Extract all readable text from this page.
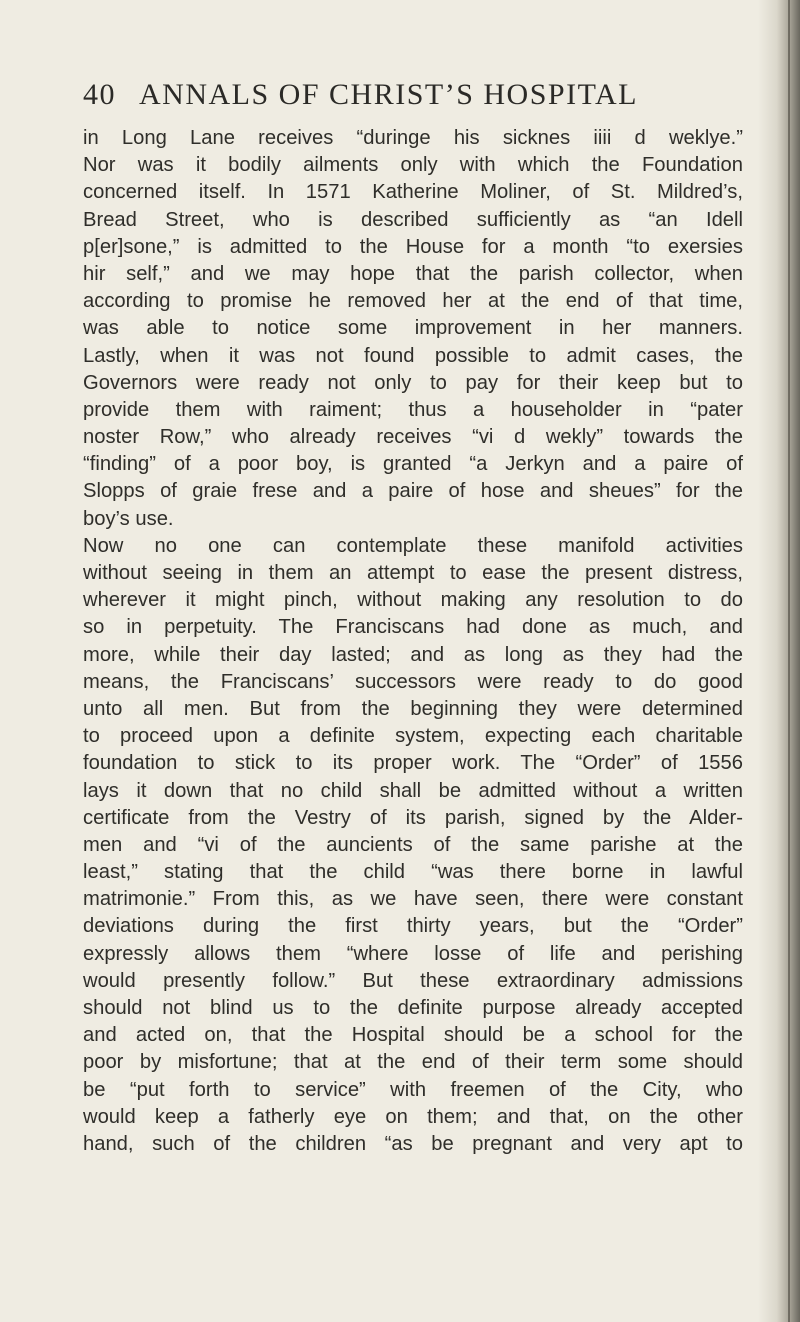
40 ANNALS OF CHRIST’S HOSPITAL
in Long Lane receives “duringe his sicknes iiii d weklye.”
Nor was it bodily ailments only with which the Foundation
concerned itself. In 1571 Katherine Moliner, of St. Mildred’s,
Bread Street, who is described sufficiently as “an Idell
p[er]sone,” is admitted to the House for a month “to exersies
hir self,” and we may hope that the parish collector, when
according to promise he removed her at the end of that time,
was able to notice some improvement in her manners.
Lastly, when it was not found possible to admit cases, the
Governors were ready not only to pay for their keep but to
provide them with raiment; thus a householder in “pater
noster Row,” who already receives “vi d wekly” towards the
“finding” of a poor boy, is granted “a Jerkyn and a paire of
Slopps of graie frese and a paire of hose and sheues” for the
boy’s use.
Now no one can contemplate these manifold activities
without seeing in them an attempt to ease the present distress,
wherever it might pinch, without making any resolution to do
so in perpetuity. The Franciscans had done as much, and
more, while their day lasted; and as long as they had the
means, the Franciscans’ successors were ready to do good
unto all men. But from the beginning they were determined
to proceed upon a definite system, expecting each charitable
foundation to stick to its proper work. The “Order” of 1556
lays it down that no child shall be admitted without a written
certificate from the Vestry of its parish, signed by the Alder-
men and “vi of the auncients of the same parishe at the
least,” stating that the child “was there borne in lawful
matrimonie.” From this, as we have seen, there were constant
deviations during the first thirty years, but the “Order”
expressly allows them “where losse of life and perishing
would presently follow.” But these extraordinary admissions
should not blind us to the definite purpose already accepted
and acted on, that the Hospital should be a school for the
poor by misfortune; that at the end of their term some should
be “put forth to service” with freemen of the City, who
would keep a fatherly eye on them; and that, on the other
hand, such of the children “as be pregnant and very apt to
